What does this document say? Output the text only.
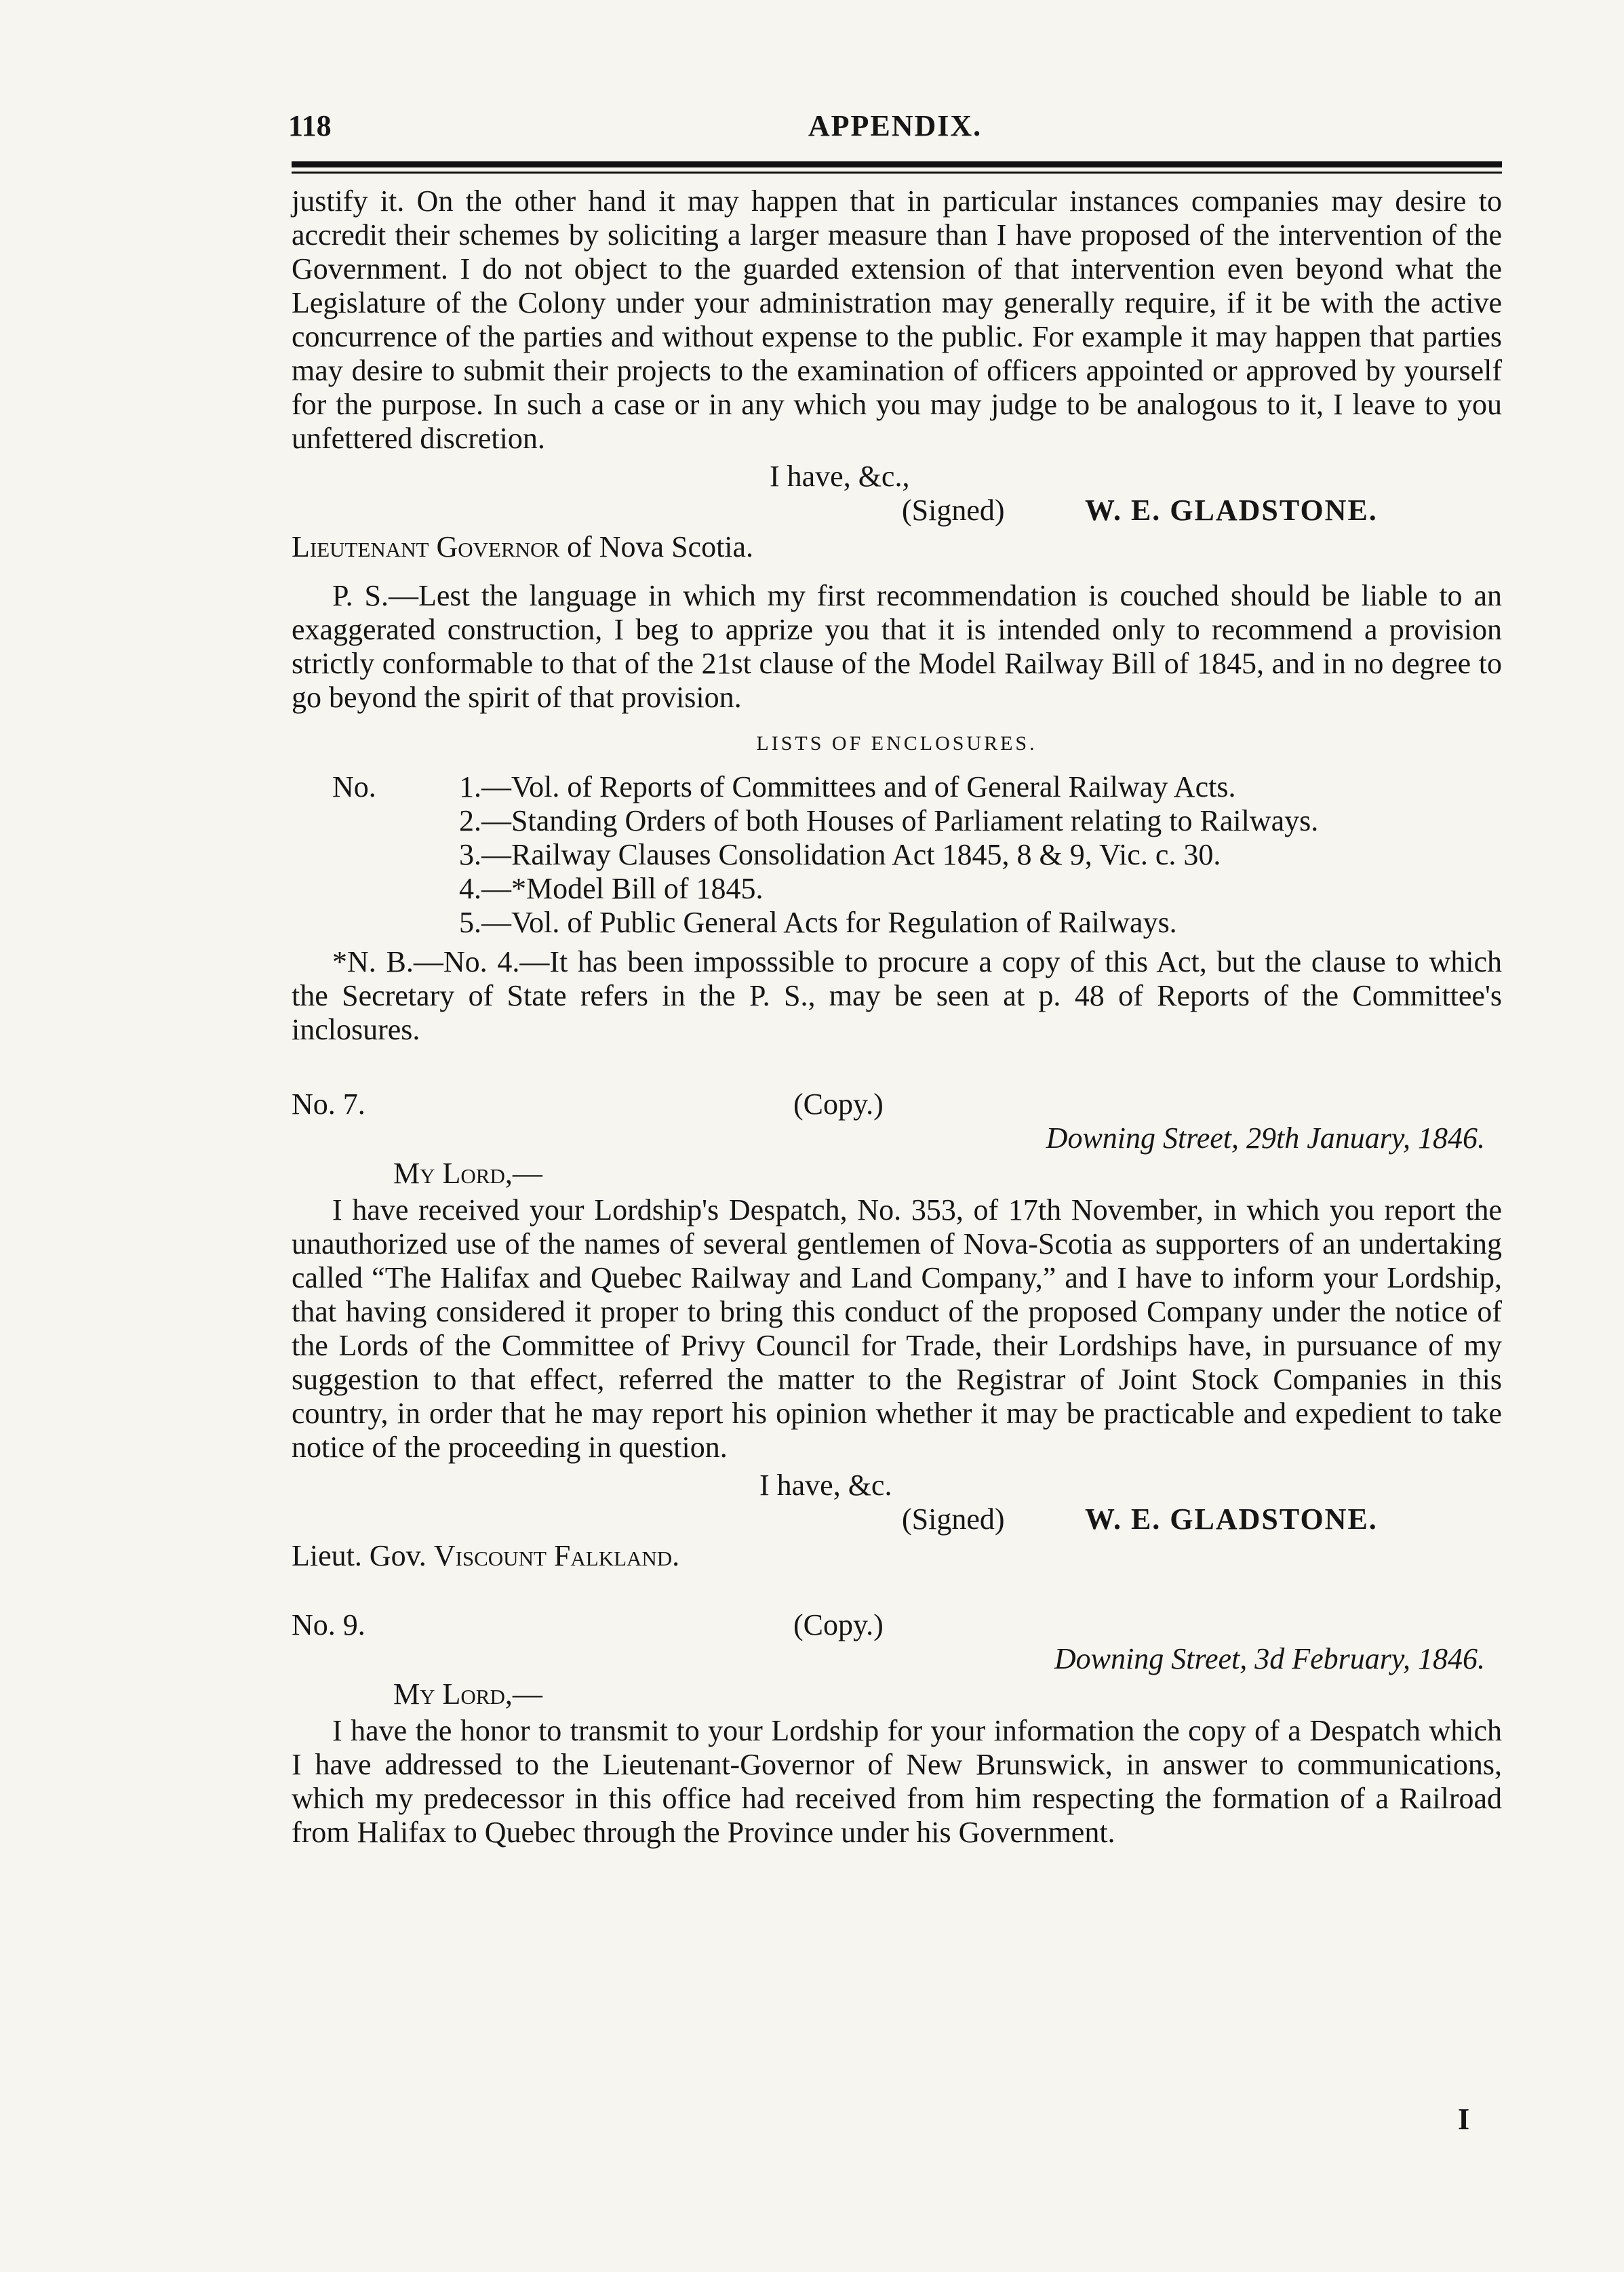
118	APPENDIX.

justify it. On the other hand it may happen that in particular instances companies may desire to accredit their schemes by soliciting a larger measure than I have proposed of the intervention of the Government. I do not object to the guarded extension of that intervention even beyond what the Legislature of the Colony under your administration may generally require, if it be with the active concurrence of the parties and without expense to the public. For example it may happen that parties may desire to submit their projects to the examination of officers appointed or approved by yourself for the purpose. In such a case or in any which you may judge to be analogous to it, I leave to you unfettered discretion.

I have, &c.,
(Signed)	W. E. GLADSTONE.
Lieutenant Governor of Nova Scotia.

P. S.—Lest the language in which my first recommendation is couched should be liable to an exaggerated construction, I beg to apprize you that it is intended only to recommend a provision strictly conformable to that of the 21st clause of the Model Railway Bill of 1845, and in no degree to go beyond the spirit of that provision.

LISTS OF ENCLOSURES.
No.	1. —Vol. of Reports of Committees and of General Railway Acts.
2. —Standing Orders of both Houses of Parliament relating to Railways.
3. —Railway Clauses Consolidation Act 1845, 8 & 9, Vic. c. 30.
4. —*Model Bill of 1845.
5. —Vol. of Public General Acts for Regulation of Railways.

*N. B.—No. 4.—It has been imposssible to procure a copy of this Act, but the clause to which the Secretary of State refers in the P. S., may be seen at p. 48 of Reports of the Committee's inclosures.

No. 7.	(Copy.)
Downing Street, 29th January, 1846.
My Lord,—

I have received your Lordship's Despatch, No. 353, of 17th November, in which you report the unauthorized use of the names of several gentlemen of Nova-Scotia as supporters of an undertaking called “The Halifax and Quebec Railway and Land Company,” and I have to inform your Lordship, that having considered it proper to bring this conduct of the proposed Company under the notice of the Lords of the Committee of Privy Council for Trade, their Lordships have, in pursuance of my suggestion to that effect, referred the matter to the Registrar of Joint Stock Companies in this country, in order that he may report his opinion whether it may be practicable and expedient to take notice of the proceeding in question.

I have, &c.
(Signed)	W. E. GLADSTONE.
Lieut. Gov. Viscount Falkland.
No. 9.	(Copy.)
Downing Street, 3d February, 1846.
My Lord,—

I have the honor to transmit to your Lordship for your information the copy of a Despatch which I have addressed to the Lieutenant-Governor of New Brunswick, in answer to communications, which my predecessor in this office had received from him respecting the formation of a Railroad from Halifax to Quebec through the Province under his Government.

I
